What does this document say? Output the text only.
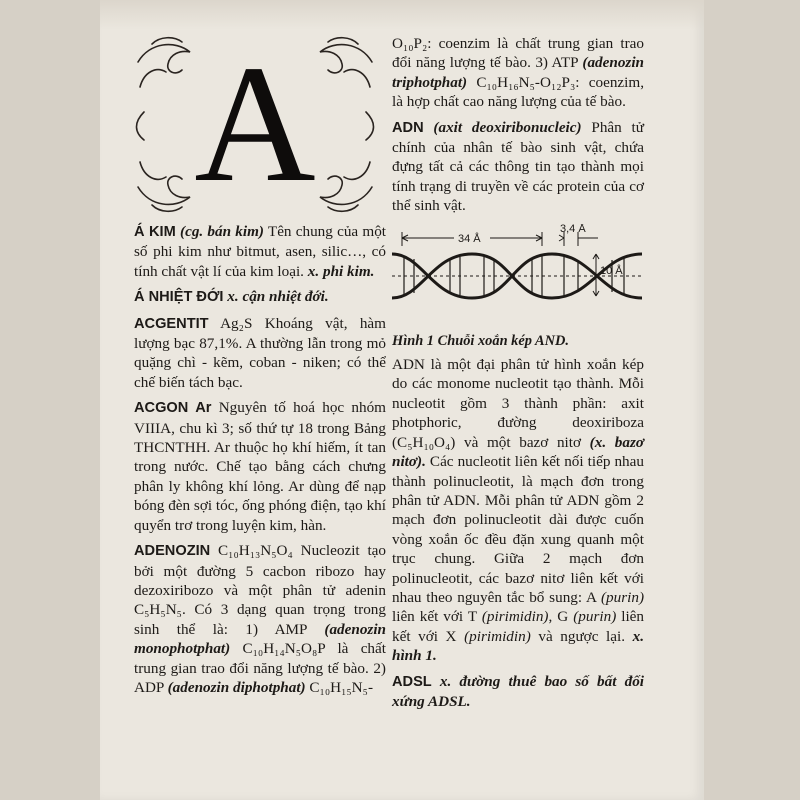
A

Á KIM (cg. bán kim) Tên chung của một số phi kim như bitmut, asen, silic…, có tính chất vật lí của kim loại. x. phi kim.

Á NHIỆT ĐỚI x. cận nhiệt đới.

ACGENTIT Ag₂S Khoáng vật, hàm lượng bạc 87,1%. A thường lẫn trong mỏ quặng chì - kẽm, coban - niken; có thể chế biến tách bạc.

ACGON Ar Nguyên tố hoá học nhóm VIIIA, chu kì 3; số thứ tự 18 trong Bảng THCNTHH. Ar thuộc họ khí hiếm, ít tan trong nước. Chế tạo bằng cách chưng phân ly không khí lỏng. Ar dùng để nạp bóng đèn sợi tóc, ống phóng điện, tạo khí quyển trơ trong luyện kim, hàn.

ADENOZIN C₁₀H₁₃N₅O₄ Nucleozit tạo bởi một đường 5 cacbon ribozo hay dezoxiribozo và một phân tử adenin C₅H₅N₅. Có 3 dạng quan trọng trong sinh thể là: 1) AMP (adenozin monophotphat) C₁₀H₁₄N₅O₈P là chất trung gian trao đổi năng lượng tế bào. 2) ADP (adenozin diphotphat) C₁₀H₁₅N₅-

O₁₀P₂: coenzim là chất trung gian trao đổi năng lượng tế bào. 3) ATP (adenozin triphotphat) C₁₀H₁₆N₅-O₁₂P₃: coenzim, là hợp chất cao năng lượng của tế bào.

ADN (axit deoxiribonucleic) Phân tử chính của nhân tế bào sinh vật, chứa đựng tất cả các thông tin tạo thành mọi tính trạng di truyền về các protein của cơ thể sinh vật.

34 Å
3,4 Å
10 Å

Hình 1 Chuỗi xoắn kép AND.

ADN là một đại phân tử hình xoắn kép do các monome nucleotit tạo thành. Mỗi nucleotit gồm 3 thành phần: axit photphoric, đường deoxiriboza (C₅H₁₀O₄) và một bazơ nitơ (x. bazơ nitơ). Các nucleotit liên kết nối tiếp nhau thành polinucleotit, là mạch đơn trong phân tử ADN. Mỗi phân tử ADN gồm 2 mạch đơn polinucleotit dài được cuốn vòng xoắn ốc đều đặn xung quanh một trục chung. Giữa 2 mạch đơn polinucleotit, các bazơ nitơ liên kết với nhau theo nguyên tắc bổ sung: A (purin) liên kết với T (pirimidin), G (purin) liên kết với X (pirimidin) và ngược lại. x. hình 1.

ADSL x. đường thuê bao số bất đối xứng ADSL.
